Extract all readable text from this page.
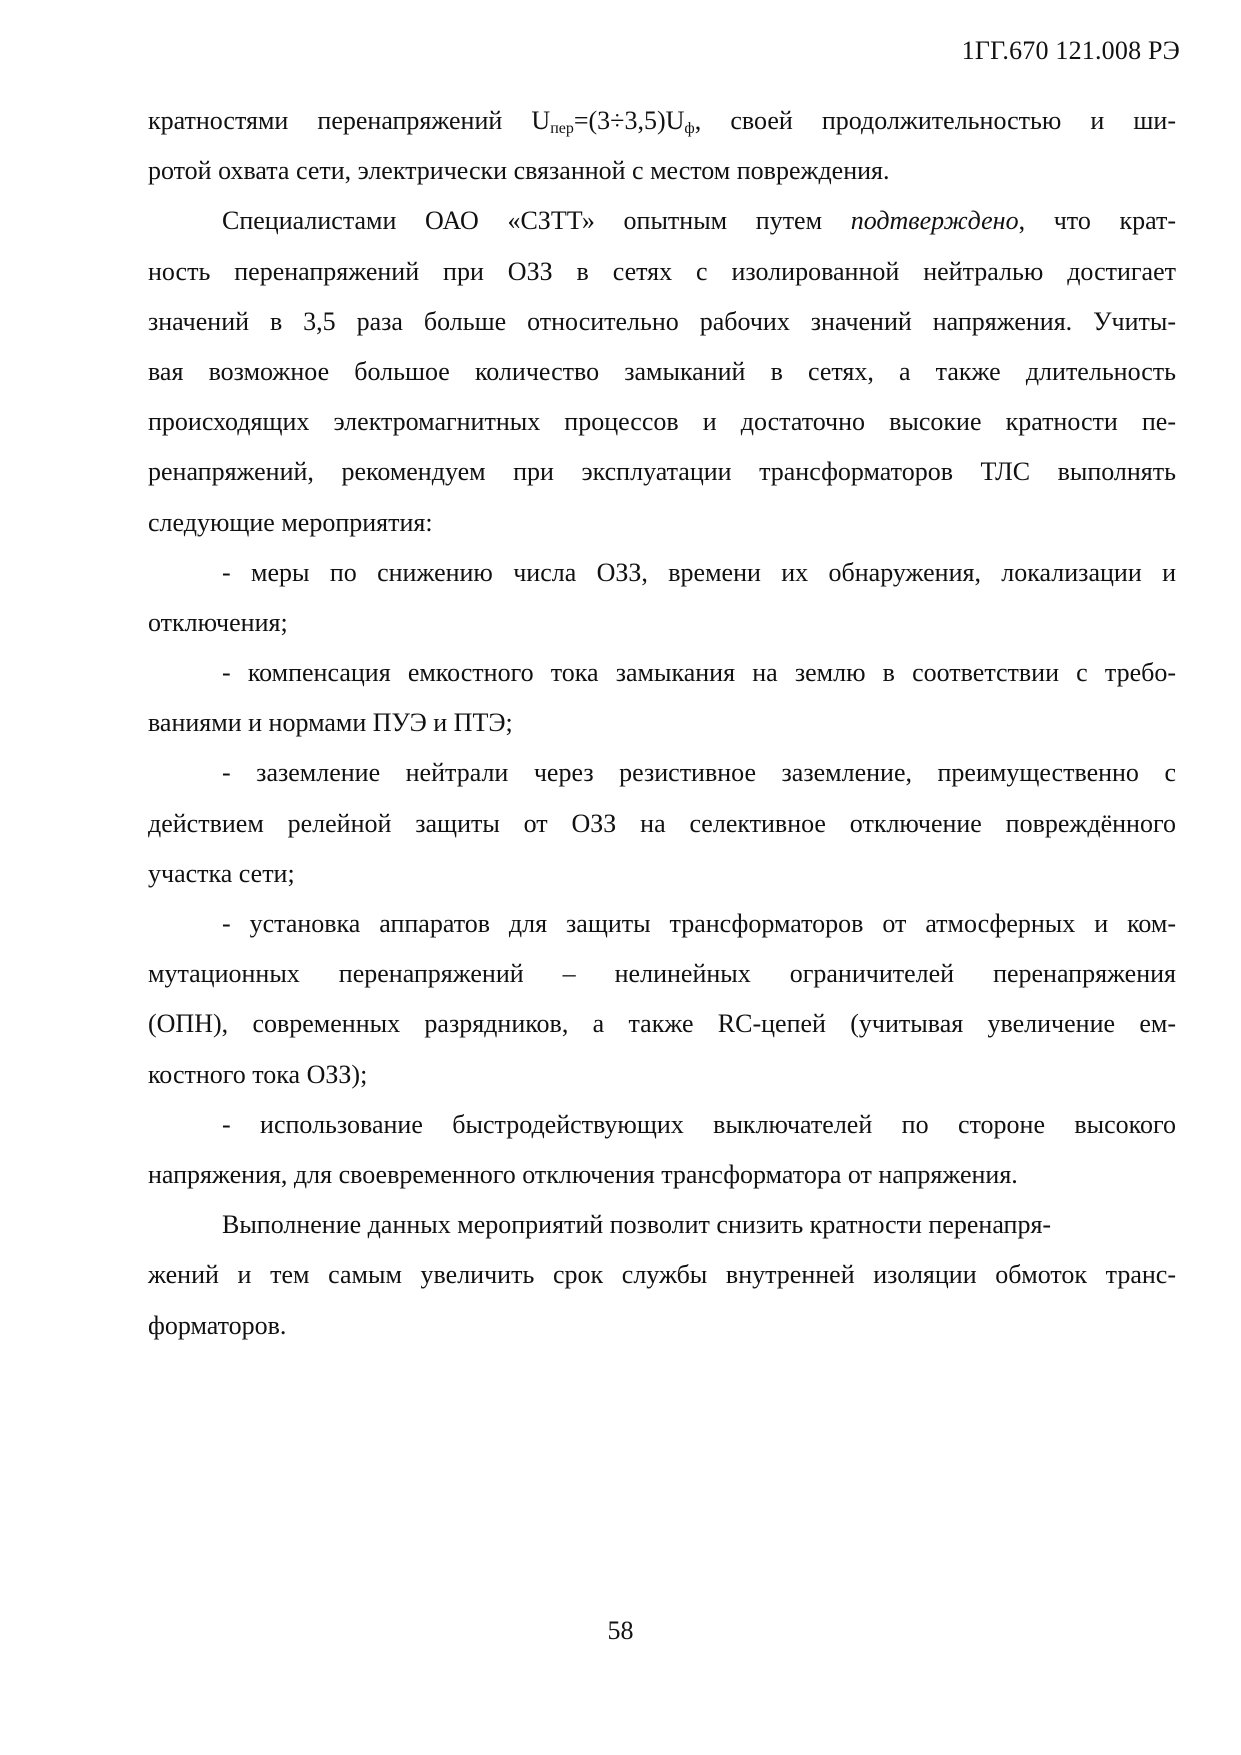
1ГГ.670 121.008 РЭ
кратностями перенапряжений $U_{пер}=(3\div 3,5)U_ф$, своей продолжительностью и ши-
ротой охвата сети, электрически связанной с местом повреждения.
Специалистами ОАО «СЗТТ» опытным путем подтверждено, что крат-
ность перенапряжений при ОЗЗ в сетях с изолированной нейтралью достигает
значений в 3,5 раза больше относительно рабочих значений напряжения. Учиты-
вая возможное большое количество замыканий в сетях, а также длительность
происходящих электромагнитных процессов и достаточно высокие кратности пе-
ренапряжений, рекомендуем при эксплуатации трансформаторов ТЛС выполнять
следующие мероприятия:
- меры по снижению числа ОЗЗ, времени их обнаружения, локализации и
отключения;
- компенсация емкостного тока замыкания на землю в соответствии с требо-
ваниями и нормами ПУЭ и ПТЭ;
- заземление нейтрали через резистивное заземление, преимущественно с
действием релейной защиты от ОЗЗ на селективное отключение повреждённого
участка сети;
- установка аппаратов для защиты трансформаторов от атмосферных и ком-
мутационных перенапряжений – нелинейных ограничителей перенапряжения
(ОПН), современных разрядников, а также RC-цепей (учитывая увеличение ем-
костного тока ОЗЗ);
- использование быстродействующих выключателей по стороне высокого
напряжения, для своевременного отключения трансформатора от напряжения.
Выполнение данных мероприятий позволит снизить кратности перенапря-
жений и тем самым увеличить срок службы внутренней изоляции обмоток транс-
форматоров.
58
